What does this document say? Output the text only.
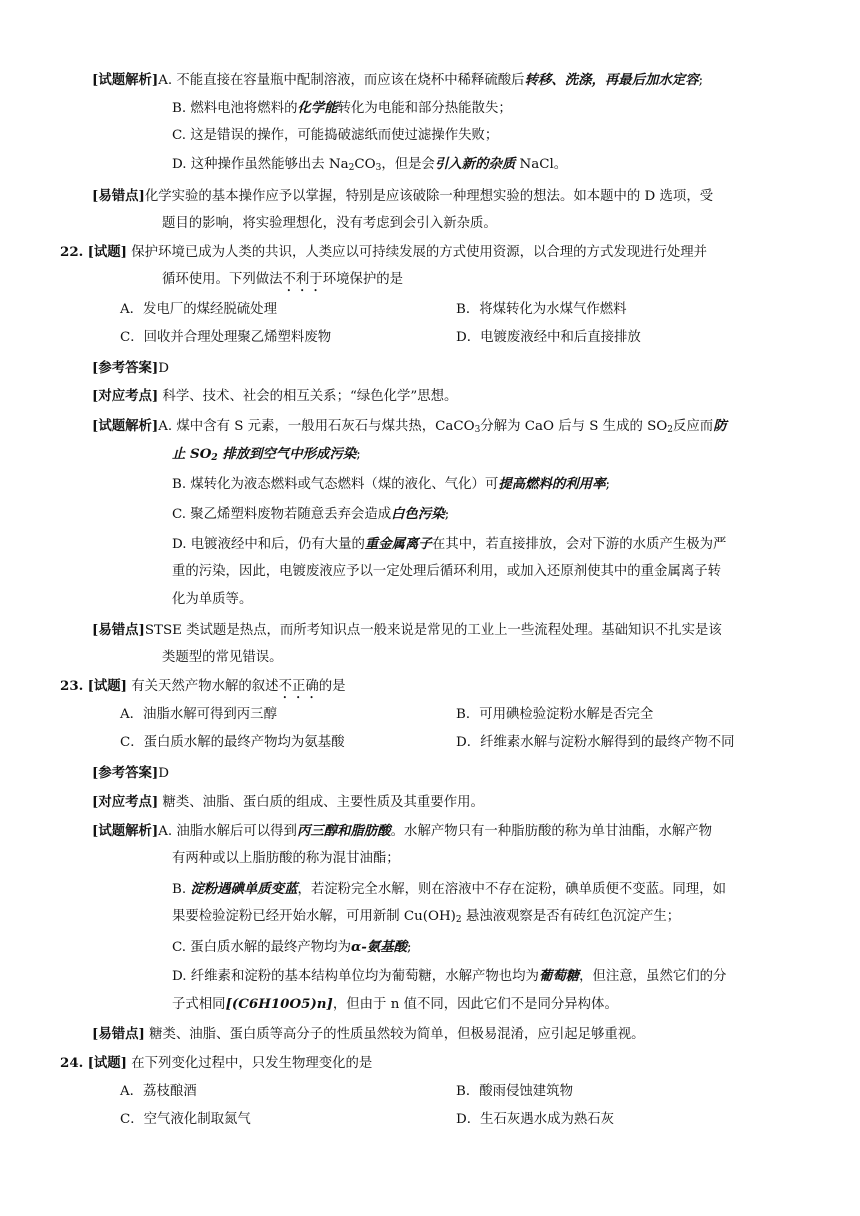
[试题解析]A. 不能直接在容量瓶中配制溶液，而应该在烧杯中稀释硫酸后转移、洗涤，再最后加水定容;
B. 燃料电池将燃料的化学能转化为电能和部分热能散失；
C. 这是错误的操作，可能捣破滤纸而使过滤操作失败；
D. 这种操作虽然能够出去 $Na_2CO_3$，但是会引入新的杂质 NaCl。
[易错点]化学实验的基本操作应予以掌握，特别是应该破除一种理想实验的想法。如本题中的 D 选项，受
题目的影响，将实验理想化，没有考虑到会引入新杂质。
22. [试题] 保护环境已成为人类的共识，人类应以可持续发展的方式使用资源，以合理的方式发现进行处理并
循环使用。下列做法不利于环境保护的是
A．发电厂的煤经脱硫处理	B．将煤转化为水煤气作燃料
C．回收并合理处理聚乙烯塑料废物	D．电镀废液经中和后直接排放
[参考答案]D
[对应考点] 科学、技术、社会的相互关系；“绿色化学”思想。
[试题解析]A. 煤中含有 S 元素，一般用石灰石与煤共热，CaCO$_3$分解为 CaO 后与 S 生成的 $SO_2$反应而防
止 $SO_2$ 排放到空气中形成污染;
B. 煤转化为液态燃料或气态燃料（煤的液化、气化）可提高燃料的利用率;
C. 聚乙烯塑料废物若随意丢弃会造成白色污染;
D. 电镀液经中和后，仍有大量的重金属离子在其中，若直接排放，会对下游的水质产生极为严
重的污染，因此，电镀废液应予以一定处理后循环利用，或加入还原剂使其中的重金属离子转
化为单质等。
[易错点]STSE 类试题是热点，而所考知识点一般来说是常见的工业上一些流程处理。基础知识不扎实是该
类题型的常见错误。
23. [试题] 有关天然产物水解的叙述不正确的是
A．油脂水解可得到丙三醇	B．可用碘检验淀粉水解是否完全
C．蛋白质水解的最终产物均为氨基酸	D．纤维素水解与淀粉水解得到的最终产物不同
[参考答案]D
[对应考点] 糖类、油脂、蛋白质的组成、主要性质及其重要作用。
[试题解析]A. 油脂水解后可以得到丙三醇和脂肪酸。水解产物只有一种脂肪酸的称为单甘油酯，水解产物
有两种或以上脂肪酸的称为混甘油酯；
B. 淀粉遇碘单质变蓝，若淀粉完全水解，则在溶液中不存在淀粉，碘单质便不变蓝。同理，如
果要检验淀粉已经开始水解，可用新制 $Cu(OH)_2$ 悬浊液观察是否有砖红色沉淀产生；
C. 蛋白质水解的最终产物均为α-氨基酸;
D. 纤维素和淀粉的基本结构单位均为葡萄糖，水解产物也均为葡萄糖，但注意，虽然它们的分
子式相同[(C6H10O5)n]，但由于 n 值不同，因此它们不是同分异构体。
[易错点] 糖类、油脂、蛋白质等高分子的性质虽然较为简单，但极易混淆，应引起足够重视。
24. [试题] 在下列变化过程中，只发生物理变化的是
A．荔枝酿酒	B．酸雨侵蚀建筑物
C．空气液化制取氮气	D．生石灰遇水成为熟石灰
